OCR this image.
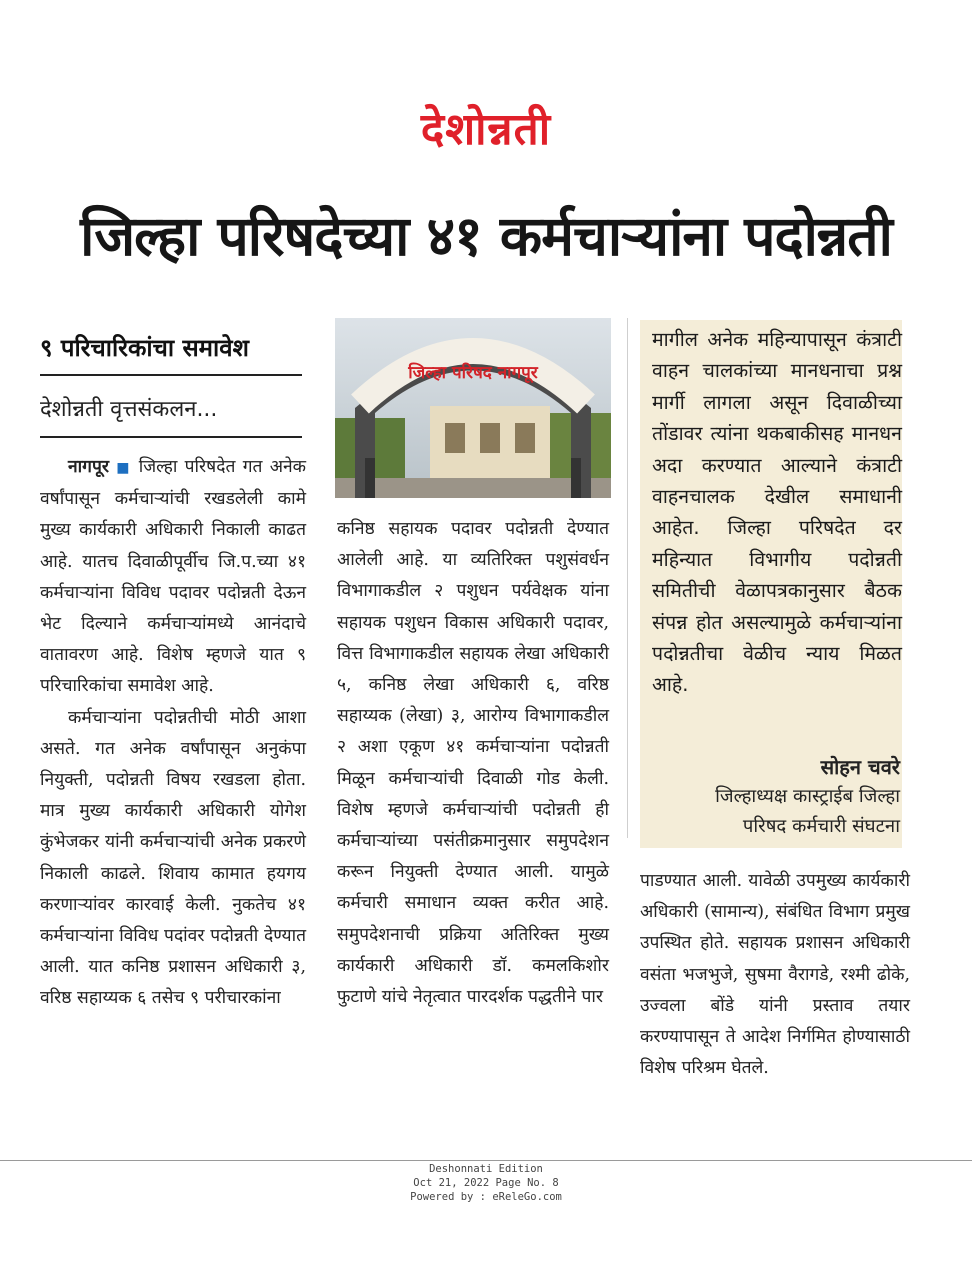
देशोन्नती
जिल्हा परिषदेच्या ४१ कर्मचाऱ्यांना पदोन्नती
९ परिचारिकांचा समावेश
देशोन्नती वृत्तसंकलन...

नागपूर ■ जिल्हा परिषदेत गत अनेक वर्षांपासून कर्मचाऱ्यांची रखडलेली कामे मुख्य कार्यकारी अधिकारी निकाली काढत आहे. यातच दिवाळीपूर्वीच जि.प.च्या ४१ कर्मचाऱ्यांना विविध पदावर पदोन्नती देऊन भेट दिल्याने कर्मचाऱ्यांमध्ये आनंदाचे वातावरण आहे. विशेष म्हणजे यात ९ परिचारिकांचा समावेश आहे.

कर्मचाऱ्यांना पदोन्नतीची मोठी आशा असते. गत अनेक वर्षांपासून अनुकंपा नियुक्ती, पदोन्नती विषय रखडला होता. मात्र मुख्य कार्यकारी अधिकारी योगेश कुंभेजकर यांनी कर्मचाऱ्यांची अनेक प्रकरणे निकाली काढले. शिवाय कामात हयगय करणाऱ्यांवर कारवाई केली. नुकतेच ४१ कर्मचाऱ्यांना विविध पदांवर पदोन्नती देण्यात आली. यात कनिष्ठ प्रशासन अधिकारी ३, वरिष्ठ सहाय्यक ६ तसेच ९ परीचारकांना

जिल्हा परिषद नागपूर

कनिष्ठ सहायक पदावर पदोन्नती देण्यात आलेली आहे. या व्यतिरिक्त पशुसंवर्धन विभागाकडील २ पशुधन पर्यवेक्षक यांना सहायक पशुधन विकास अधिकारी पदावर, वित्त विभागाकडील सहायक लेखा अधिकारी ५, कनिष्ठ लेखा अधिकारी ६, वरिष्ठ सहाय्यक (लेखा) ३, आरोग्य विभागाकडील २ अशा एकूण ४१ कर्मचाऱ्यांना पदोन्नती मिळून कर्मचाऱ्यांची दिवाळी गोड केली. विशेष म्हणजे कर्मचाऱ्यांची पदोन्नती ही कर्मचाऱ्यांच्या पसंतीक्रमानुसार समुपदेशन करून नियुक्ती देण्यात आली. यामुळे कर्मचारी समाधान व्यक्त करीत आहे. समुपदेशनाची प्रक्रिया अतिरिक्त मुख्य कार्यकारी अधिकारी डॉ. कमलकिशोर फुटाणे यांचे नेतृत्वात पारदर्शक पद्धतीने पार

मागील अनेक महिन्यापासून कंत्राटी वाहन चालकांच्या मानधनाचा प्रश्न मार्गी लागला असून दिवाळीच्या तोंडावर त्यांना थकबाकीसह मानधन अदा करण्यात आल्याने कंत्राटी वाहनचालक देखील समाधानी आहेत. जिल्हा परिषदेत दर महिन्यात विभागीय पदोन्नती समितीची वेळापत्रकानुसार बैठक संपन्न होत असल्यामुळे कर्मचाऱ्यांना पदोन्नतीचा वेळीच न्याय मिळत आहे.
सोहन चवरे
जिल्हाध्यक्ष कास्ट्राईब जिल्हा
परिषद कर्मचारी संघटना

पाडण्यात आली. यावेळी उपमुख्य कार्यकारी अधिकारी (सामान्य), संबंधित विभाग प्रमुख उपस्थित होते. सहायक प्रशासन अधिकारी वसंता भजभुजे, सुषमा वैरागडे, रश्मी ढोके, उज्वला बोंडे यांनी प्रस्ताव तयार करण्यापासून ते आदेश निर्गमित होण्यासाठी विशेष परिश्रम घेतले.

Deshonnati Edition
Oct 21, 2022 Page No. 8
Powered by : eReleGo.com
